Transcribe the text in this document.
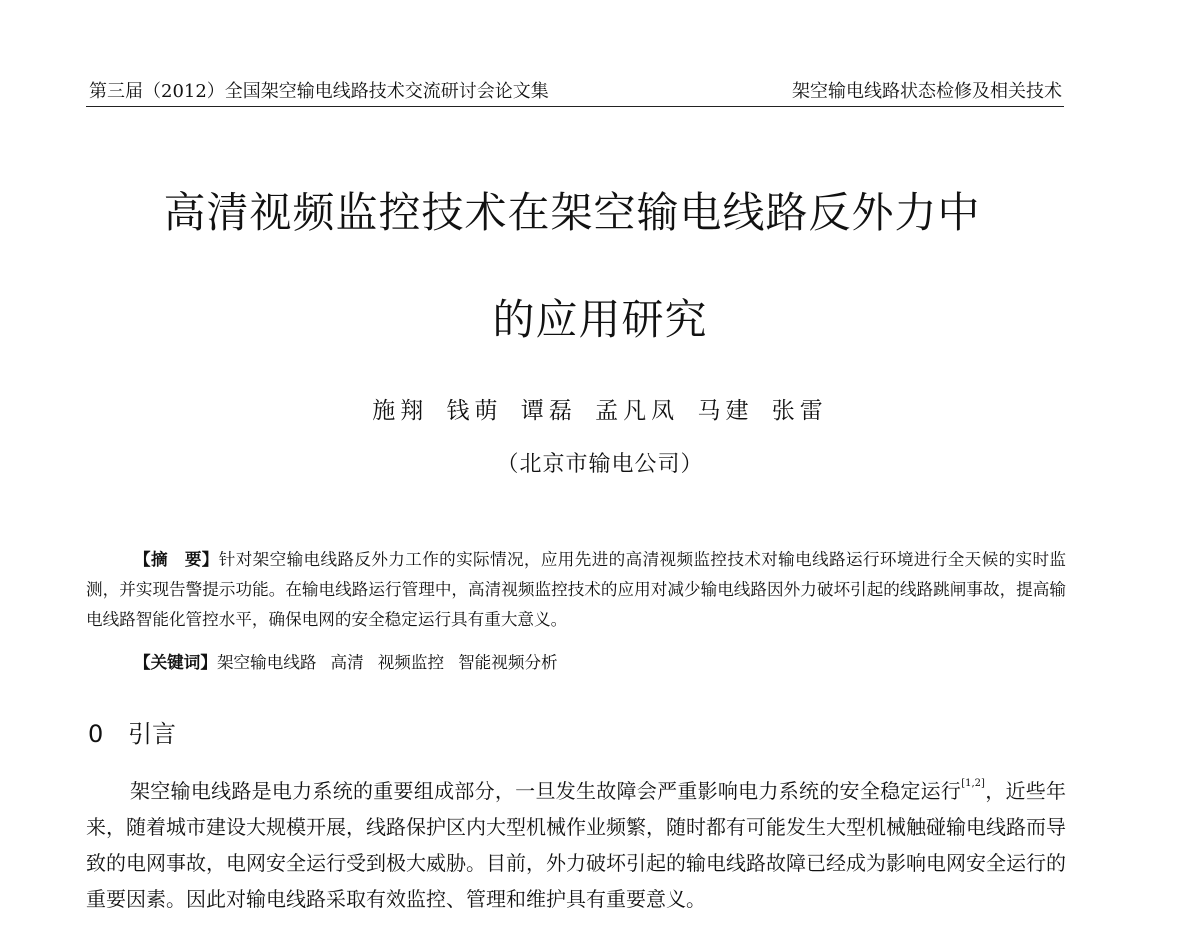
第三届（2012）全国架空输电线路技术交流研讨会论文集	架空输电线路状态检修及相关技术
高清视频监控技术在架空输电线路反外力中
的应用研究
施翔 钱萌 谭磊 孟凡凤 马建 张雷
（北京市输电公司）

【摘　要】针对架空输电线路反外力工作的实际情况，应用先进的高清视频监控技术对输电线路运行环境进行全天候的实时监测，并实现告警提示功能。在输电线路运行管理中，高清视频监控技术的应用对减少输电线路因外力破坏引起的线路跳闸事故，提高输电线路智能化管控水平，确保电网的安全稳定运行具有重大意义。

【关键词】架空输电线路 高清 视频监控 智能视频分析
0 引言

架空输电线路是电力系统的重要组成部分，一旦发生故障会严重影响电力系统的安全稳定运行[1,2]，近些年来，随着城市建设大规模开展，线路保护区内大型机械作业频繁，随时都有可能发生大型机械触碰输电线路而导致的电网事故，电网安全运行受到极大威胁。目前，外力破坏引起的输电线路故障已经成为影响电网安全运行的重要因素。因此对输电线路采取有效监控、管理和维护具有重要意义。
